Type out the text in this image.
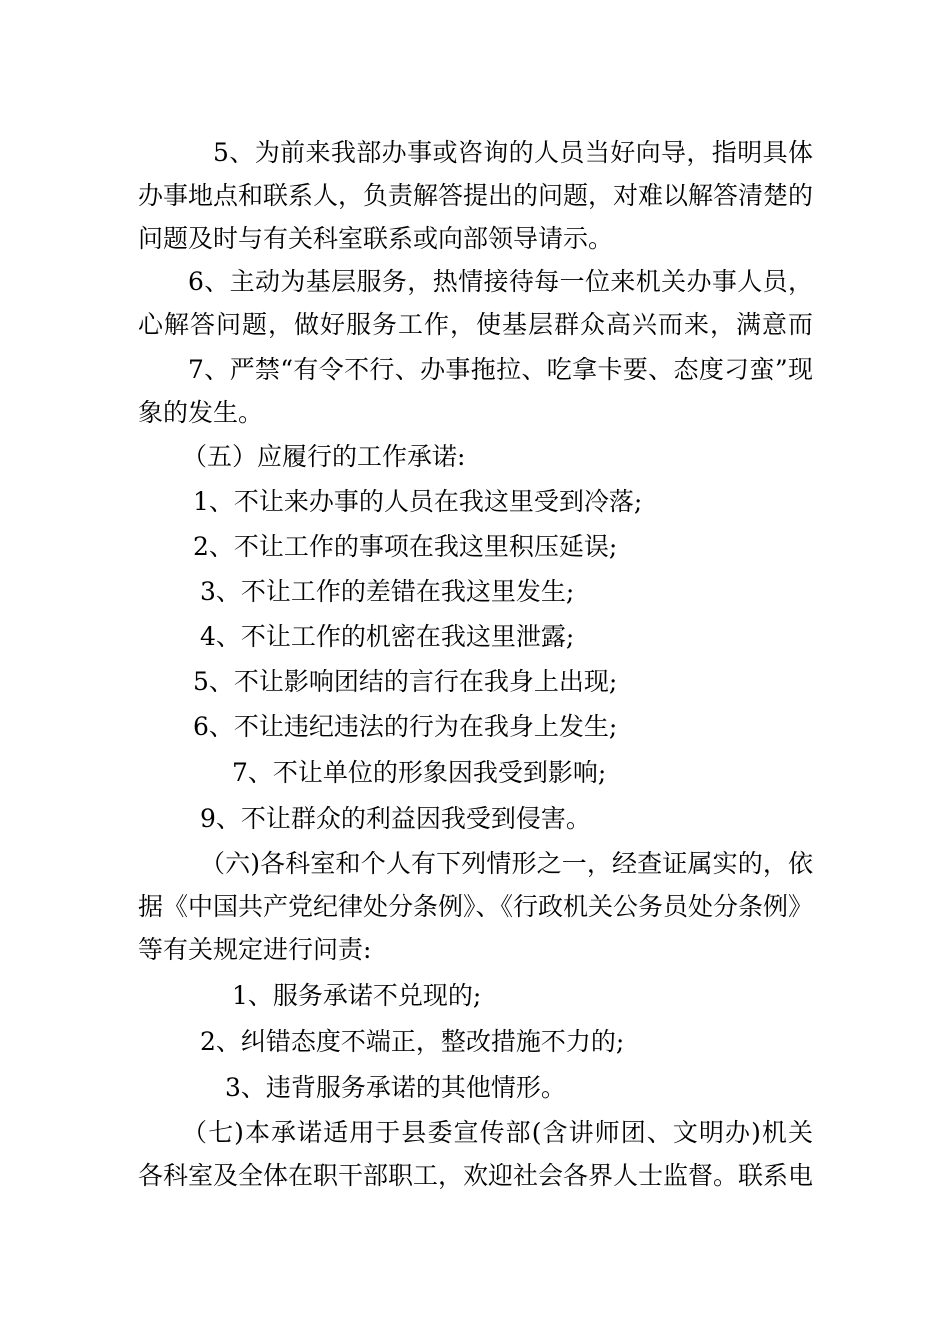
5、为前来我部办事或咨询的人员当好向导，指明具体
办事地点和联系人，负责解答提出的问题，对难以解答清楚的
问题及时与有关科室联系或向部领导请示。
6、主动为基层服务，热情接待每一位来机关办事人员，
心解答问题，做好服务工作，使基层群众高兴而来，满意而
7、严禁“有令不行、办事拖拉、吃拿卡要、态度刁蛮”现
象的发生。
（五）应履行的工作承诺:
1、不让来办事的人员在我这里受到冷落;
2、不让工作的事项在我这里积压延误;
3、不让工作的差错在我这里发生;
4、不让工作的机密在我这里泄露;
5、不让影响团结的言行在我身上出现;
6、不让违纪违法的行为在我身上发生;
7、不让单位的形象因我受到影响;
9、不让群众的利益因我受到侵害。
（六)各科室和个人有下列情形之一，经查证属实的，依
据《中国共产党纪律处分条例》、《行政机关公务员处分条例》
等有关规定进行问责:
1、服务承诺不兑现的;
2、纠错态度不端正，整改措施不力的;
3、违背服务承诺的其他情形。
（七)本承诺适用于县委宣传部(含讲师团、文明办)机关
各科室及全体在职干部职工，欢迎社会各界人士监督。联系电
